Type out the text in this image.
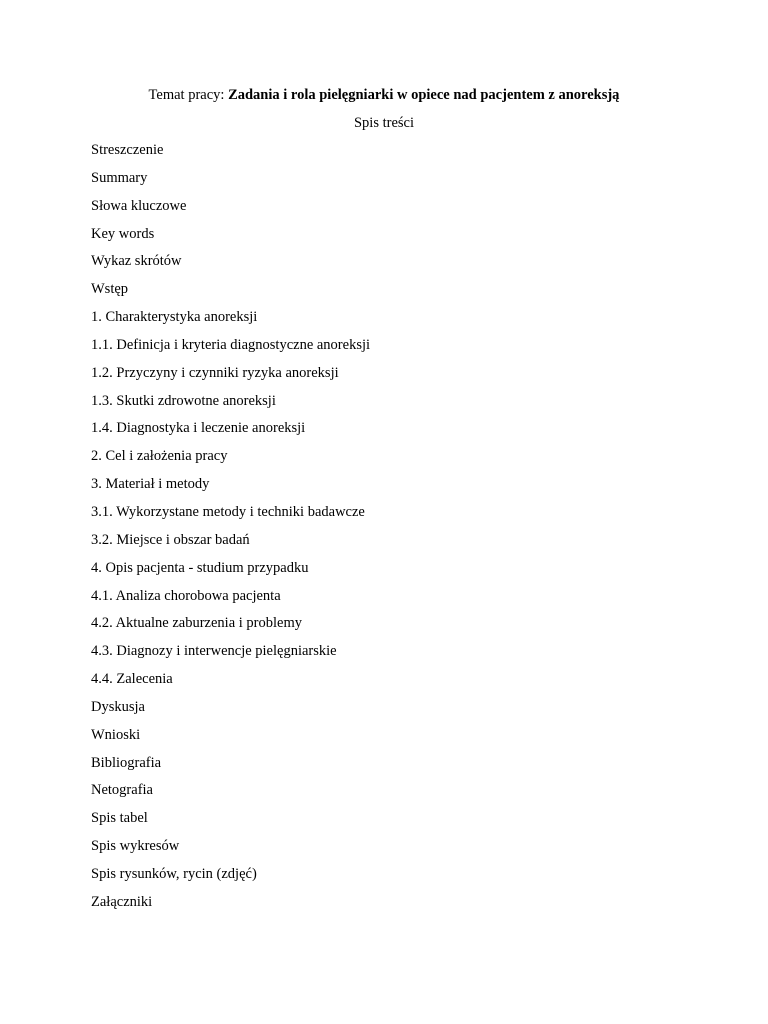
Temat pracy: Zadania i rola pielęgniarki w opiece nad pacjentem z anoreksją
Spis treści
Streszczenie
Summary
Słowa kluczowe
Key words
Wykaz skrótów
Wstęp
1. Charakterystyka anoreksji
1.1. Definicja i kryteria diagnostyczne anoreksji
1.2. Przyczyny i czynniki ryzyka anoreksji
1.3. Skutki zdrowotne anoreksji
1.4. Diagnostyka i leczenie anoreksji
2. Cel i założenia pracy
3. Materiał i metody
3.1. Wykorzystane metody i techniki badawcze
3.2. Miejsce i obszar badań
4. Opis pacjenta - studium przypadku
4.1. Analiza chorobowa pacjenta
4.2. Aktualne zaburzenia i problemy
4.3. Diagnozy i interwencje pielęgniarskie
4.4. Zalecenia
Dyskusja
Wnioski
Bibliografia
Netografia
Spis tabel
Spis wykresów
Spis rysunków, rycin (zdjęć)
Załączniki
